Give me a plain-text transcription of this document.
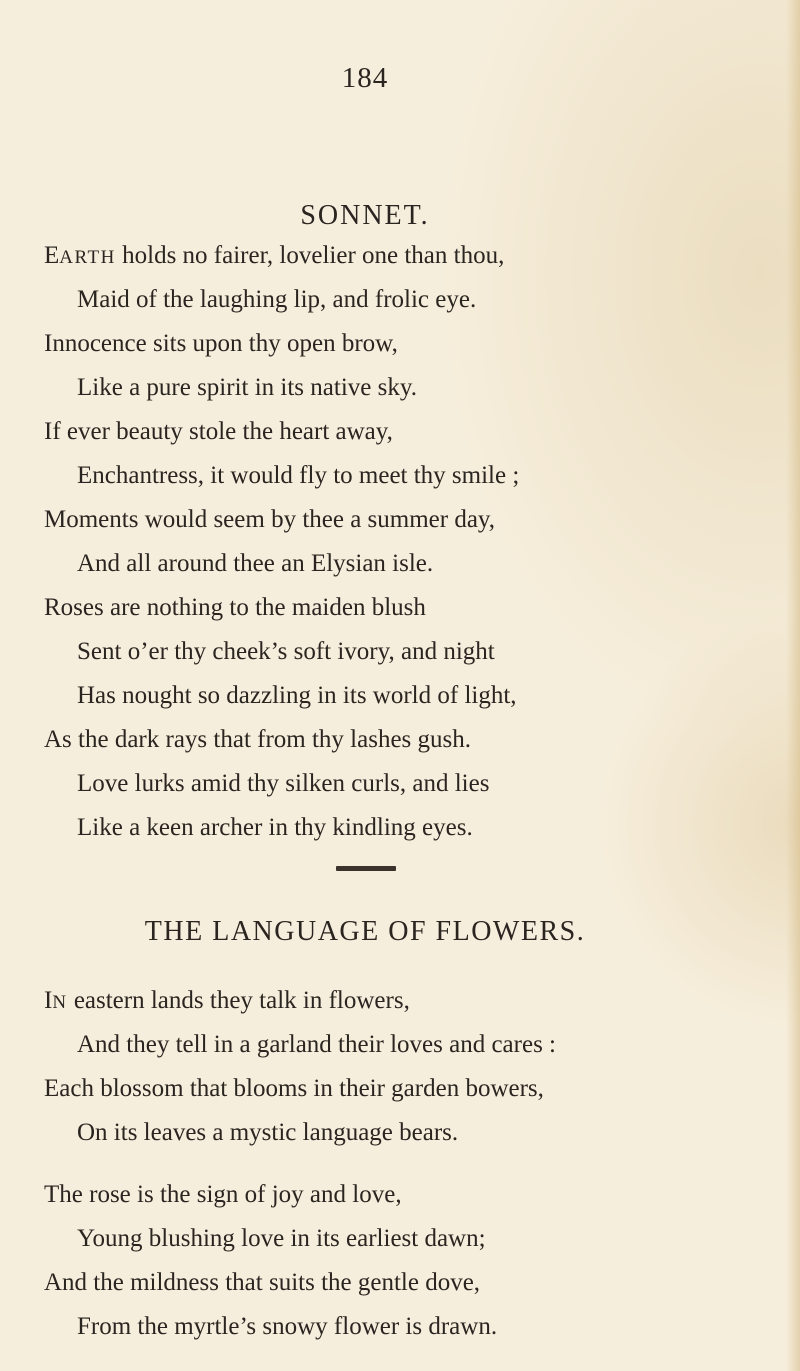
184
SONNET.
EARTH holds no fairer, lovelier one than thou,
Maid of the laughing lip, and frolic eye.
Innocence sits upon thy open brow,
Like a pure spirit in its native sky.
If ever beauty stole the heart away,
Enchantress, it would fly to meet thy smile ;
Moments would seem by thee a summer day,
And all around thee an Elysian isle.
Roses are nothing to the maiden blush
Sent o’er thy cheek’s soft ivory, and night
Has nought so dazzling in its world of light,
As the dark rays that from thy lashes gush.
Love lurks amid thy silken curls, and lies
Like a keen archer in thy kindling eyes.
THE LANGUAGE OF FLOWERS.
IN eastern lands they talk in flowers,
And they tell in a garland their loves and cares :
Each blossom that blooms in their garden bowers,
On its leaves a mystic language bears.
The rose is the sign of joy and love,
Young blushing love in its earliest dawn;
And the mildness that suits the gentle dove,
From the myrtle’s snowy flower is drawn.
